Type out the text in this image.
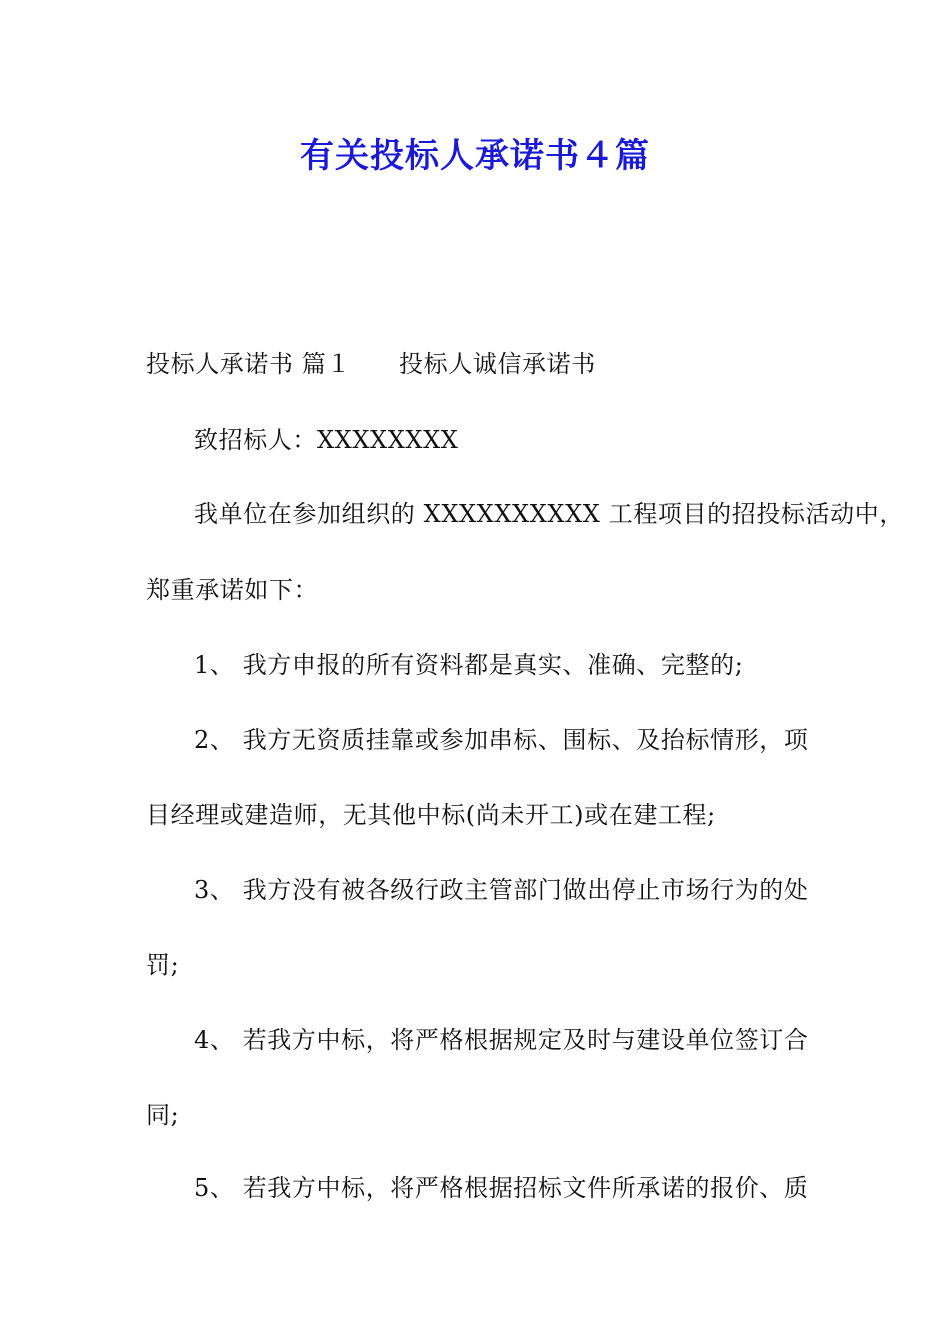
有关投标人承诺书４篇

投标人承诺书 篇１ 投标人诚信承诺书

致招标人：XXXXXXXX

我单位在参加组织的 XXXXXXXXXX 工程项目的招投标活动中，

郑重承诺如下：

1、 我方申报的所有资料都是真实、准确、完整的;

2、 我方无资质挂靠或参加串标、围标、及抬标情形，项

目经理或建造师，无其他中标(尚未开工)或在建工程;

3、 我方没有被各级行政主管部门做出停止市场行为的处

罚;

4、 若我方中标，将严格根据规定及时与建设单位签订合

同;

5、 若我方中标，将严格根据招标文件所承诺的报价、质
